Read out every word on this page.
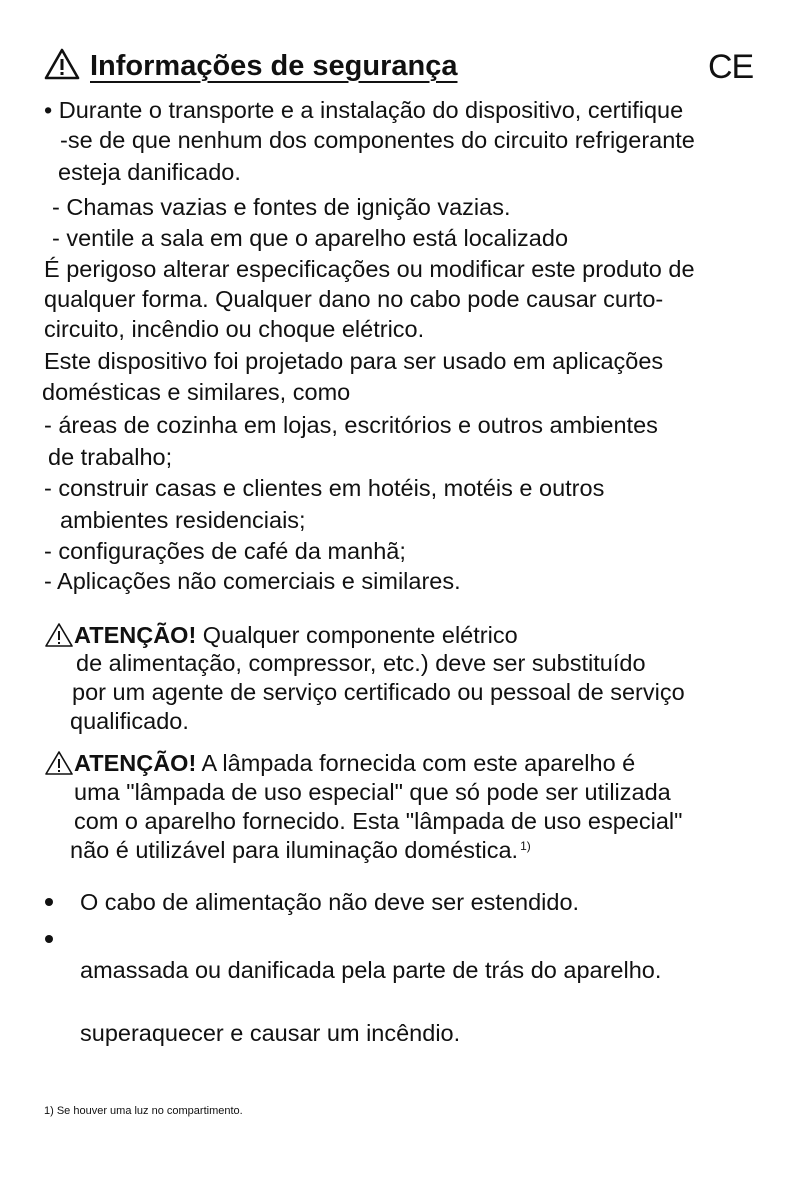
Informações de segurança	CE
• Durante o transporte e a instalação do dispositivo, certifique
-se de que nenhum dos componentes do circuito refrigerante
esteja danificado.
- Chamas vazias e fontes de ignição vazias.
- ventile a sala em que o aparelho está localizado
É perigoso alterar especificações ou modificar este produto de
qualquer forma. Qualquer dano no cabo pode causar curto-
circuito, incêndio ou choque elétrico.
Este dispositivo foi projetado para ser usado em aplicações
domésticas e similares, como
- áreas de cozinha em lojas, escritórios e outros ambientes
de trabalho;
- construir casas e clientes em hotéis, motéis e outros
ambientes residenciais;
- configurações de café da manhã;
- Aplicações não comerciais e similares.
ATENÇÃO! Qualquer componente elétrico
de alimentação, compressor, etc.) deve ser substituído
por um agente de serviço certificado ou pessoal de serviço
qualificado.
ATENÇÃO! A lâmpada fornecida com este aparelho é
uma "lâmpada de uso especial" que só pode ser utilizada
com o aparelho fornecido. Esta "lâmpada de uso especial"
não é utilizável para iluminação doméstica. $^{1)}$
O cabo de alimentação não deve ser estendido.
amassada ou danificada pela parte de trás do aparelho.
superaquecer e causar um incêndio.
1) Se houver uma luz no compartimento.
